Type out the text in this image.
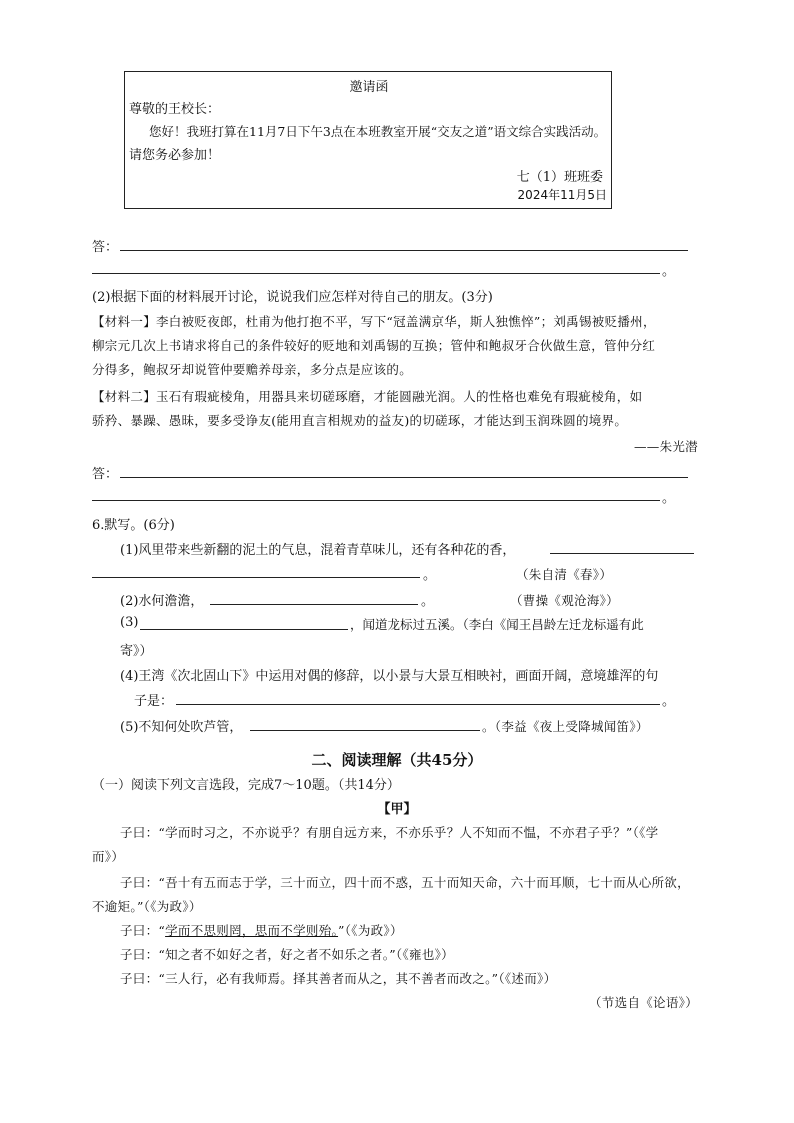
邀请函
尊敬的王校长：
您好！我班打算在11月7日下午3点在本班教室开展“交友之道”语文综合实践活动。
请您务必参加！
七（1）班班委
2024年11月5日
答：
。
(2)根据下面的材料展开讨论，说说我们应怎样对待自己的朋友。(3分)
【材料一】李白被贬夜郎，杜甫为他打抱不平，写下“冠盖满京华，斯人独憔悴”；刘禹锡被贬播州，
柳宗元几次上书请求将自己的条件较好的贬地和刘禹锡的互换；管仲和鲍叔牙合伙做生意，管仲分红
分得多，鲍叔牙却说管仲要赡养母亲，多分点是应该的。
【材料二】玉石有瑕疵棱角，用器具来切磋琢磨，才能圆融光润。人的性格也难免有瑕疵棱角，如
骄矜、暴躁、愚昧，要多受诤友(能用直言相规劝的益友)的切磋琢，才能达到玉润珠圆的境界。
——朱光潜
答：
。
6.默写。(6分)
(1)风里带来些新翻的泥土的气息，混着青草味儿，还有各种花的香，
。	（朱自清《春》）
(2)水何澹澹，	。	（曹操《观沧海》）
(3)	，闻道龙标过五溪。（李白《闻王昌龄左迁龙标遥有此
寄》）
(4)王湾《次北固山下》中运用对偶的修辞，以小景与大景互相映衬，画面开阔，意境雄浑的句
子是：	。
(5)不知何处吹芦管，	。（李益《夜上受降城闻笛》）
二、阅读理解（共45分）
（一）阅读下列文言选段，完成7～10题。（共14分）
【甲】
子曰：“学而时习之，不亦说乎？有朋自远方来，不亦乐乎？人不知而不愠，不亦君子乎？”（《学
而》）
子曰：“吾十有五而志于学，三十而立，四十而不惑，五十而知天命，六十而耳顺，七十而从心所欲，
不逾矩。”（《为政》）
子曰：“学而不思则罔，思而不学则殆。”（《为政》）
子曰：“知之者不如好之者，好之者不如乐之者。”（《雍也》）
子曰：“三人行，必有我师焉。择其善者而从之，其不善者而改之。”（《述而》）
（节选自《论语》）
